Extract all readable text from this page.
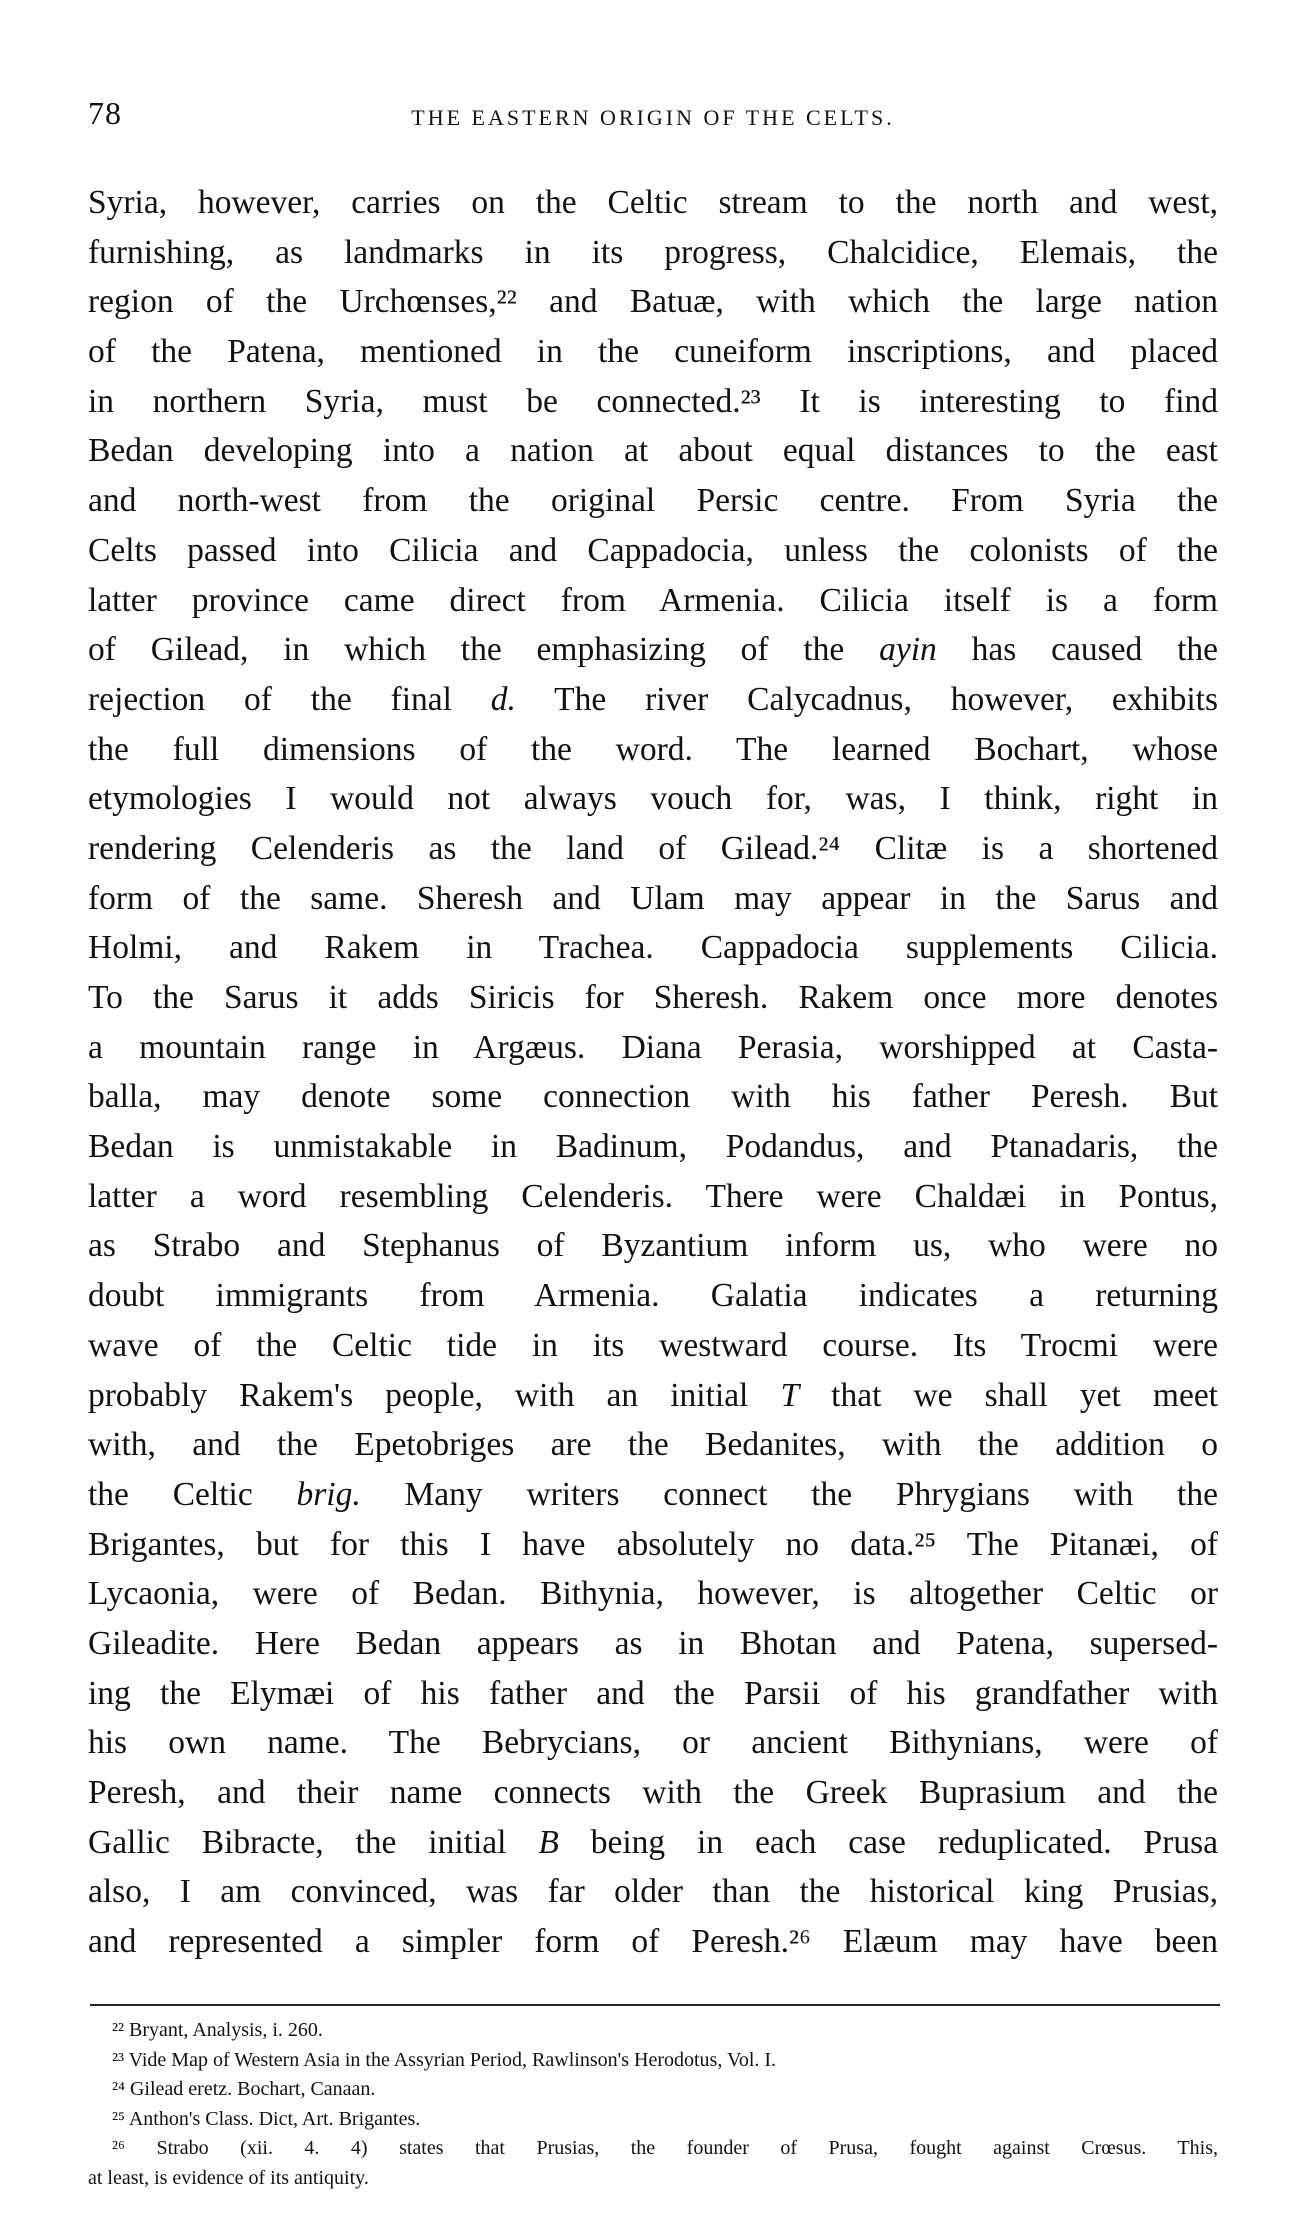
78	THE EASTERN ORIGIN OF THE CELTS.
Syria, however, carries on the Celtic stream to the north and west,
furnishing, as landmarks in its progress, Chalcidice, Elemais, the
region of the Urchœnses,²² and Batuæ, with which the large nation
of the Patena, mentioned in the cuneiform inscriptions, and placed
in northern Syria, must be connected.²³ It is interesting to find
Bedan developing into a nation at about equal distances to the east
and north-west from the original Persic centre. From Syria the
Celts passed into Cilicia and Cappadocia, unless the colonists of the
latter province came direct from Armenia. Cilicia itself is a form
of Gilead, in which the emphasizing of the ayin has caused the
rejection of the final d. The river Calycadnus, however, exhibits
the full dimensions of the word. The learned Bochart, whose
etymologies I would not always vouch for, was, I think, right in
rendering Celenderis as the land of Gilead.²⁴ Clitæ is a shortened
form of the same. Sheresh and Ulam may appear in the Sarus and
Holmi, and Rakem in Trachea. Cappadocia supplements Cilicia.
To the Sarus it adds Siricis for Sheresh. Rakem once more denotes
a mountain range in Argæus. Diana Perasia, worshipped at Casta-
balla, may denote some connection with his father Peresh. But
Bedan is unmistakable in Badinum, Podandus, and Ptanadaris, the
latter a word resembling Celenderis. There were Chaldæi in Pontus,
as Strabo and Stephanus of Byzantium inform us, who were no
doubt immigrants from Armenia. Galatia indicates a returning
wave of the Celtic tide in its westward course. Its Trocmi were
probably Rakem's people, with an initial T that we shall yet meet
with, and the Epetobriges are the Bedanites, with the addition o
the Celtic brig. Many writers connect the Phrygians with the
Brigantes, but for this I have absolutely no data.²⁵ The Pitanæi, of
Lycaonia, were of Bedan. Bithynia, however, is altogether Celtic or
Gileadite. Here Bedan appears as in Bhotan and Patena, supersed-
ing the Elymæi of his father and the Parsii of his grandfather with
his own name. The Bebrycians, or ancient Bithynians, were of
Peresh, and their name connects with the Greek Buprasium and the
Gallic Bibracte, the initial B being in each case reduplicated. Prusa
also, I am convinced, was far older than the historical king Prusias,
and represented a simpler form of Peresh.²⁶ Elæum may have been
²² Bryant, Analysis, i. 260.
²³ Vide Map of Western Asia in the Assyrian Period, Rawlinson's Herodotus, Vol. I.
²⁴ Gilead eretz. Bochart, Canaan.
²⁵ Anthon's Class. Dict, Art. Brigantes.
²⁶ Strabo (xii. 4. 4) states that Prusias, the founder of Prusa, fought against Crœsus. This,
at least, is evidence of its antiquity.
